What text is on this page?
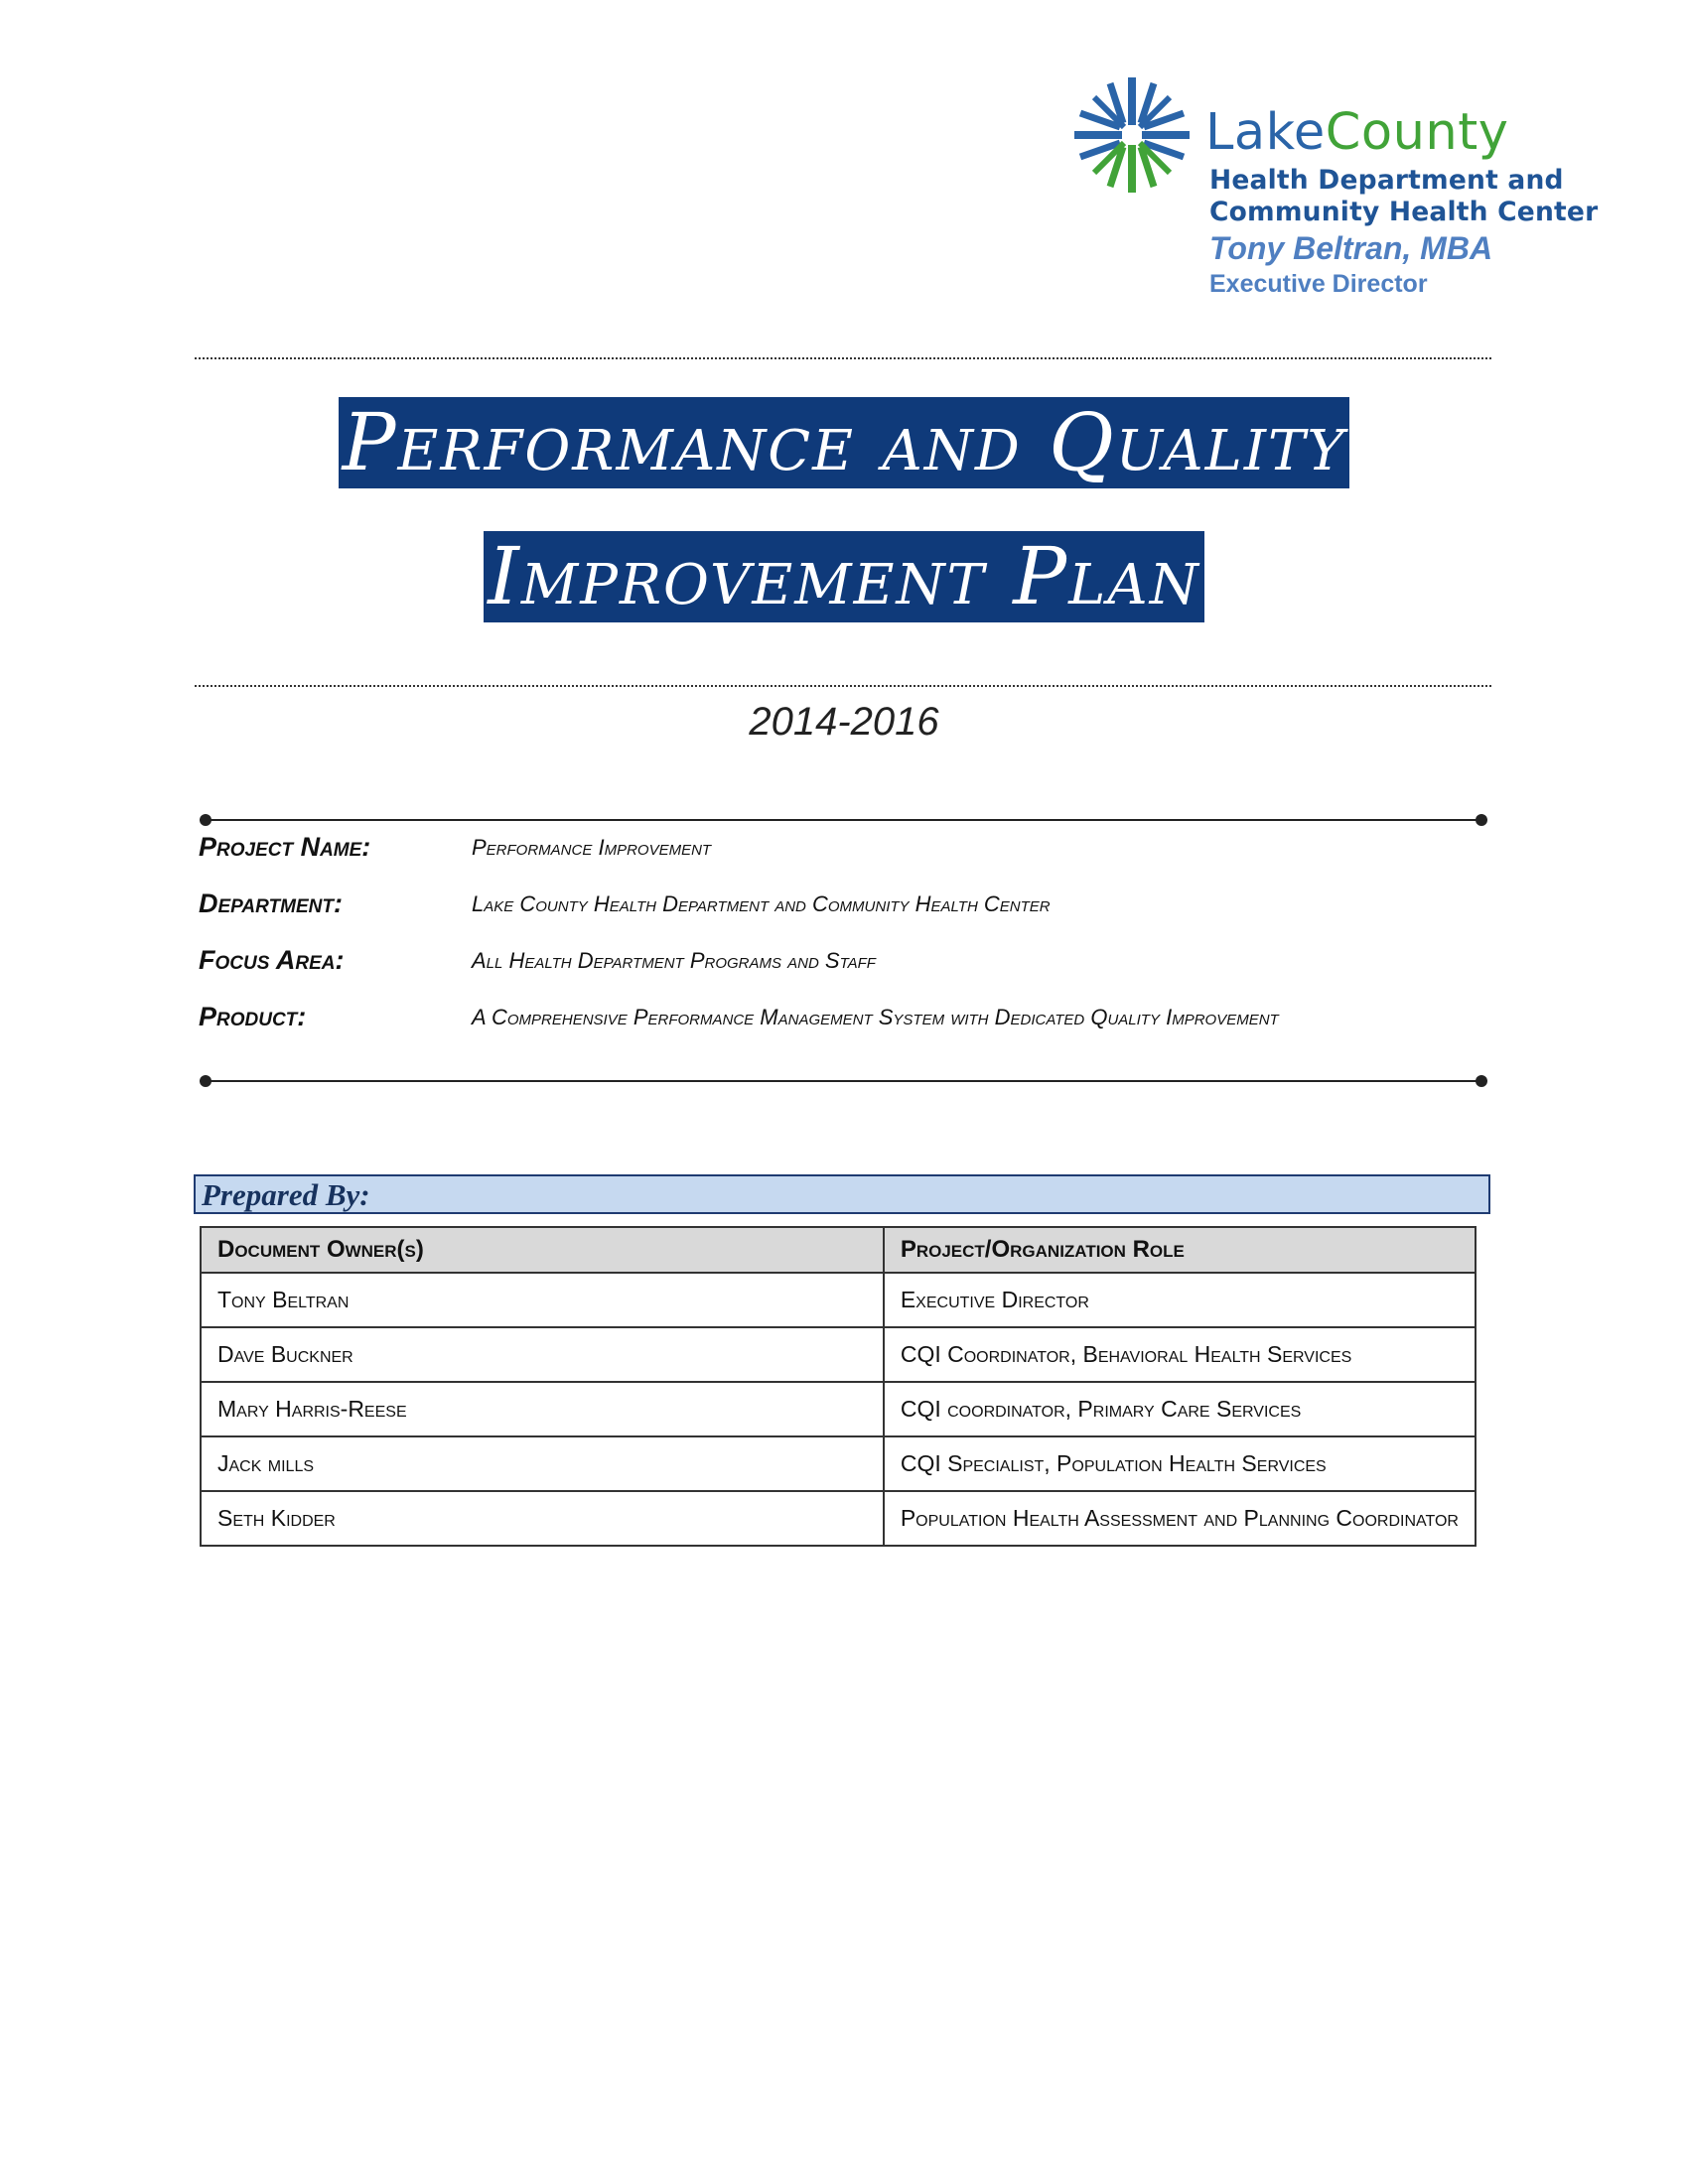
LakeCounty
Health Department and
Community Health Center
Tony Beltran, MBA
Executive Director
Performance and Quality
Improvement Plan
2014-2016
Project Name:	Performance Improvement
Department:	Lake County Health Department and Community Health Center
Focus Area:	All Health Department Programs and Staff
Product:	A Comprehensive Performance Management System with Dedicated Quality Improvement
Prepared By:
Document Owner(s)	Project/Organization Role
Tony Beltran	Executive Director
Dave Buckner	CQI Coordinator, Behavioral Health Services
Mary Harris-Reese	CQI coordinator, Primary Care Services
Jack mills	CQI Specialist, Population Health Services
Seth Kidder	Population Health Assessment and Planning Coordinator
